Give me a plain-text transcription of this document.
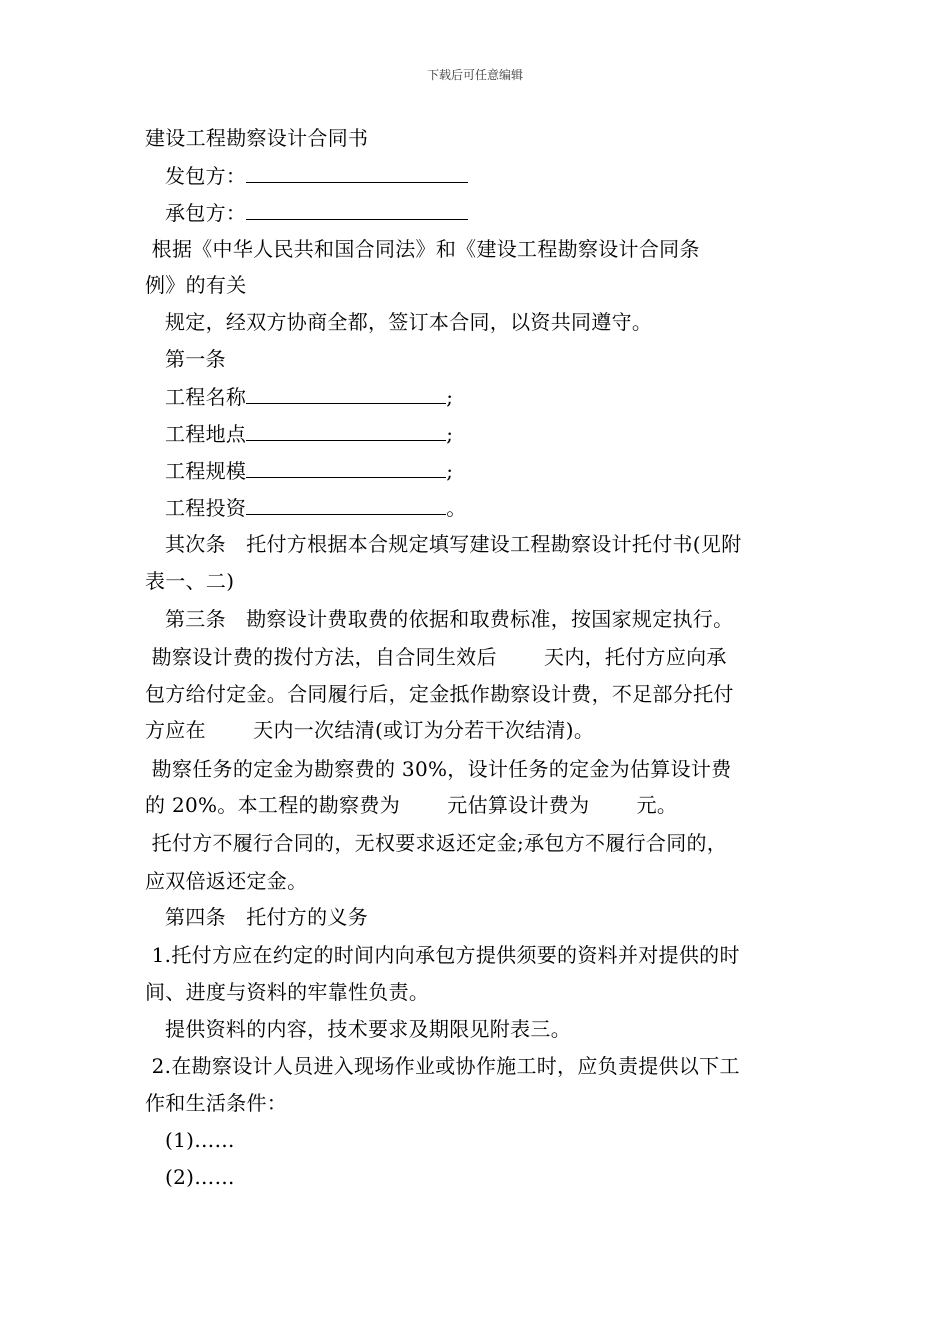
下载后可任意编辑
建设工程勘察设计合同书
发包方：
承包方：
根据《中华人民共和国合同法》和《建设工程勘察设计合同条
例》的有关
规定，经双方协商全都，签订本合同，以资共同遵守。
第一条
工程名称	;
工程地点	;
工程规模	;
工程投资	。
其次条　托付方根据本合规定填写建设工程勘察设计托付书(见附
表一、二)
第三条　勘察设计费取费的依据和取费标准，按国家规定执行。
勘察设计费的拨付方法，自合同生效后　　 天内，托付方应向承
包方给付定金。合同履行后，定金抵作勘察设计费，不足部分托付
方应在　　 天内一次结清(或订为分若干次结清)。
勘察任务的定金为勘察费的 30%，设计任务的定金为估算设计费
的 20%。本工程的勘察费为　　 元估算设计费为　　 元。
托付方不履行合同的，无权要求返还定金;承包方不履行合同的，
应双倍返还定金。
第四条　托付方的义务
1.托付方应在约定的时间内向承包方提供须要的资料并对提供的时
间、进度与资料的牢靠性负责。
提供资料的内容，技术要求及期限见附表三。
2.在勘察设计人员进入现场作业或协作施工时，应负责提供以下工
作和生活条件：
(1)……
(2)……
